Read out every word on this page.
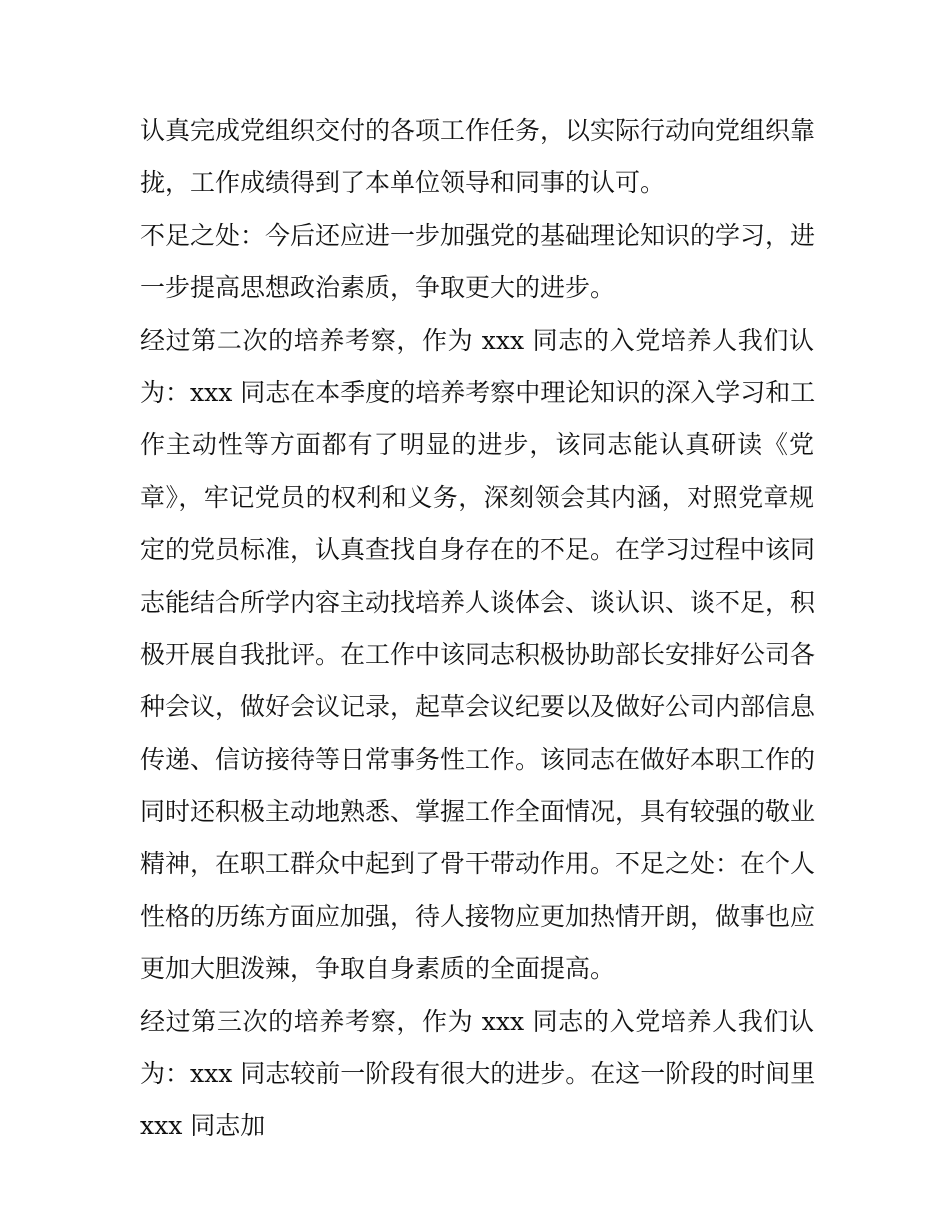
认真完成党组织交付的各项工作任务，以实际行动向党组织靠
拢，工作成绩得到了本单位领导和同事的认可。
不足之处：今后还应进一步加强党的基础理论知识的学习，进
一步提高思想政治素质，争取更大的进步。
经过第二次的培养考察，作为 xxx 同志的入党培养人我们认
为：xxx 同志在本季度的培养考察中理论知识的深入学习和工
作主动性等方面都有了明显的进步，该同志能认真研读《党
章》，牢记党员的权利和义务，深刻领会其内涵，对照党章规
定的党员标准，认真查找自身存在的不足。在学习过程中该同
志能结合所学内容主动找培养人谈体会、谈认识、谈不足，积
极开展自我批评。在工作中该同志积极协助部长安排好公司各
种会议，做好会议记录，起草会议纪要以及做好公司内部信息
传递、信访接待等日常事务性工作。该同志在做好本职工作的
同时还积极主动地熟悉、掌握工作全面情况，具有较强的敬业
精神，在职工群众中起到了骨干带动作用。不足之处：在个人
性格的历练方面应加强，待人接物应更加热情开朗，做事也应
更加大胆泼辣，争取自身素质的全面提高。
经过第三次的培养考察，作为 xxx 同志的入党培养人我们认
为：xxx 同志较前一阶段有很大的进步。在这一阶段的时间里
xxx 同志加
